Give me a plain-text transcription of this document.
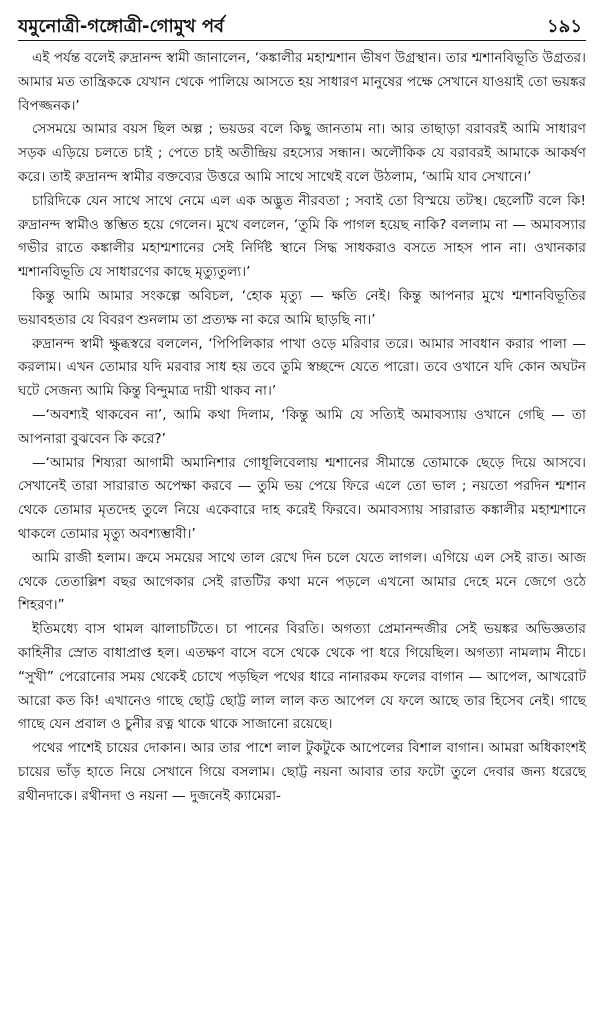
যমুনোত্রী-গঙ্গোত্রী-গোমুখ পর্ব	১৯১

এই পর্যন্ত বলেই রুদ্রানন্দ স্বামী জানালেন, ‘কঙ্কালীর মহাশ্মশান ভীষণ উগ্রস্থান। তার শ্মশানবিভূতি উগ্রতর। আমার মত তান্ত্রিককে যেখান থেকে পালিয়ে আসতে হয় সাধারণ মানুষের পক্ষে সেখানে যাওয়াই তো ভয়ঙ্কর বিপজ্জনক।’

সেসময়ে আমার বয়স ছিল অল্প ; ভয়ডর বলে কিছু জানতাম না। আর তাছাড়া বরাবরই আমি সাধারণ সড়ক এড়িয়ে চলতে চাই ; পেতে চাই অতীন্দ্রিয় রহস্যের সন্ধান। অলৌকিক যে বরাবরই আমাকে আকর্ষণ করে। তাই রুদ্রানন্দ স্বামীর বক্তব্যের উত্তরে আমি সাথে সাথেই বলে উঠলাম, ‘আমি যাব সেখানে।’

চারিদিকে যেন সাথে সাথে নেমে এল এক অদ্ভুত নীরবতা ; সবাই তো বিস্ময়ে তটস্থ। ছেলেটি বলে কি! রুদ্রানন্দ স্বামীও স্তম্ভিত হয়ে গেলেন। মুখে বললেন, ‘তুমি কি পাগল হয়েছ নাকি? বললাম না — অমাবস্যার গভীর রাতে কঙ্কালীর মহাশ্মশানের সেই নির্দিষ্ট স্থানে সিদ্ধ সাধকরাও বসতে সাহস পান না। ওখানকার শ্মশানবিভূতি যে সাধারণের কাছে মৃত্যুতুল্য।’

কিন্তু আমি আমার সংকল্পে অবিচল, ‘হোক মৃত্যু — ক্ষতি নেই। কিন্তু আপনার মুখে শ্মশানবিভূতির ভয়াবহতার যে বিবরণ শুনলাম তা প্রত্যক্ষ না করে আমি ছাড়ছি না।’

রুদ্রানন্দ স্বামী ক্ষুব্ধস্বরে বললেন, ‘পিপিলিকার পাখা ওড়ে মরিবার তরে। আমার সাবধান করার পালা — করলাম। এখন তোমার যদি মরবার সাধ হয় তবে তুমি স্বচ্ছন্দে যেতে পারো। তবে ওখানে যদি কোন অঘটন ঘটে সেজন্য আমি কিন্তু বিন্দুমাত্র দায়ী থাকব না।’

—‘অবশ্যই থাকবেন না’, আমি কথা দিলাম, ‘কিন্তু আমি যে সত্যিই অমাবস্যায় ওখানে গেছি — তা আপনারা বুঝবেন কি করে?’

—‘আমার শিষ্যরা আগামী অমানিশার গোধূলিবেলায় শ্মশানের সীমান্তে তোমাকে ছেড়ে দিয়ে আসবে। সেখানেই তারা সারারাত অপেক্ষা করবে — তুমি ভয় পেয়ে ফিরে এলে তো ভাল ; নয়তো পরদিন শ্মশান থেকে তোমার মৃতদেহ তুলে নিয়ে একেবারে দাহ করেই ফিরবে। অমাবস্যায় সারারাত কঙ্কালীর মহাশ্মশানে থাকলে তোমার মৃত্যু অবশ্যম্ভাবী।’

আমি রাজী হলাম। ক্রমে সময়ের সাথে তাল রেখে দিন চলে যেতে লাগল। এগিয়ে এল সেই রাত। আজ থেকে তেতাল্লিশ বছর আগেকার সেই রাতটির কথা মনে পড়লে এখনো আমার দেহে মনে জেগে ওঠে শিহরণ।”

ইতিমধ্যে বাস থামল ঝালাচটিতে। চা পানের বিরতি। অগত্যা প্রেমানন্দজীর সেই ভয়ঙ্কর অভিজ্ঞতার কাহিনীর স্রোত বাধাপ্রাপ্ত হল। এতক্ষণ বাসে বসে থেকে থেকে পা ধরে গিয়েছিল। অগত্যা নামলাম নীচে। “সুখী” পেরোনোর সময় থেকেই চোখে পড়ছিল পথের ধারে নানারকম ফলের বাগান — আপেল, আখরোট আরো কত কি! এখানেও গাছে ছোট্ট ছোট্ট লাল লাল কত আপেল যে ফলে আছে তার হিসেব নেই। গাছে গাছে যেন প্রবাল ও চুনীর রত্ন থাকে থাকে সাজানো রয়েছে।

পথের পাশেই চায়ের দোকান। আর তার পাশে লাল টুকটুকে আপেলের বিশাল বাগান। আমরা অধিকাংশই চায়ের ভাঁড় হাতে নিয়ে সেখানে গিয়ে বসলাম। ছোট্ট নয়না আবার তার ফটো তুলে দেবার জন্য ধরেছে রথীনদাকে। রথীনদা ও নয়না — দুজনেই ক্যামেরা-
